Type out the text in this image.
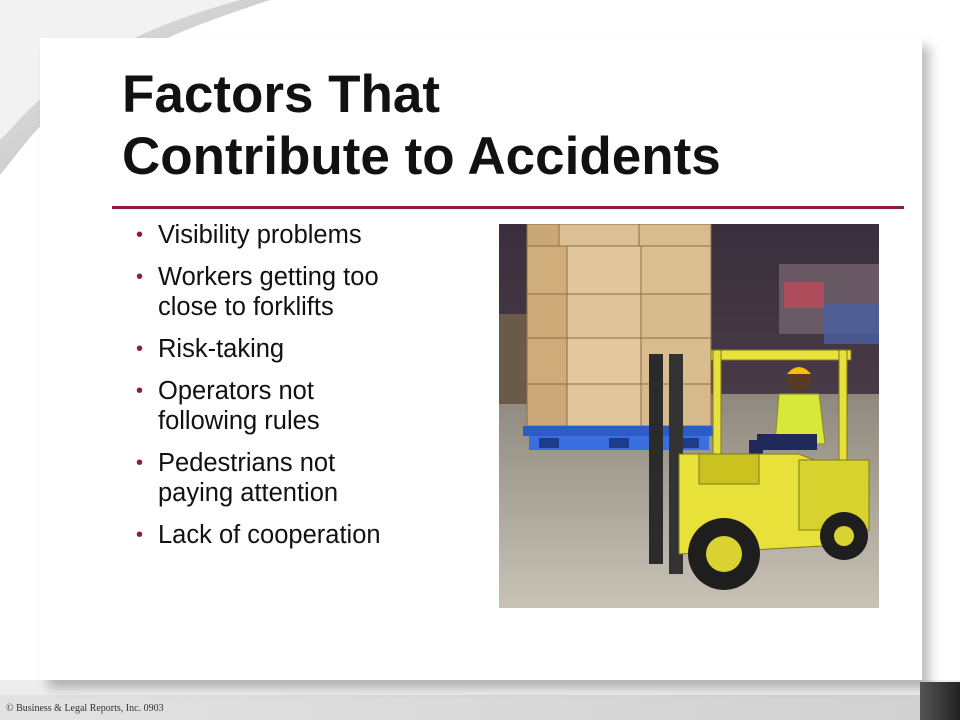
Factors That
Contribute to Accidents
• Visibility problems
• Workers getting too
close to forklifts
• Risk-taking
• Operators not
following rules
• Pedestrians not
paying attention
• Lack of cooperation
© Business & Legal Reports, Inc. 0903
